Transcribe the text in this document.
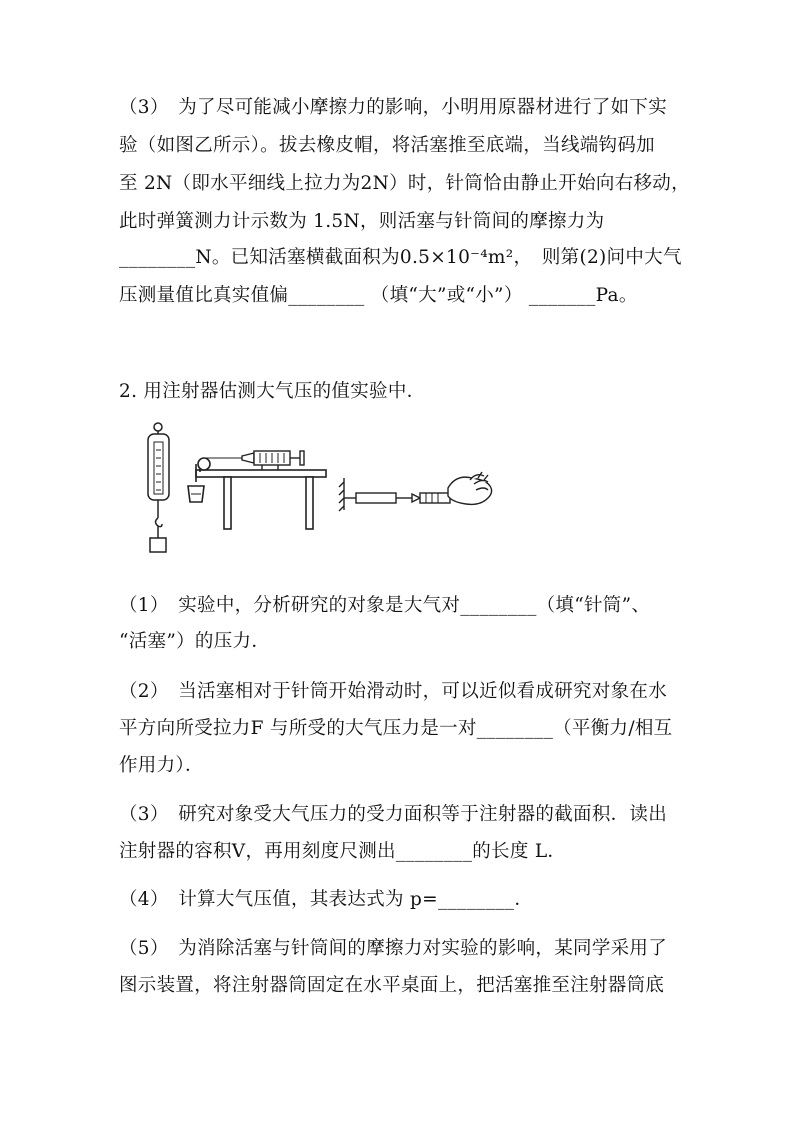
（3）　为了尽可能减小摩擦力的影响，小明用原器材进行了如下实
验（如图乙所示）。拔去橡皮帽，将活塞推至底端，当线端钩码加
至 2N（即水平细线上拉力为2N）时，针筒恰由静止开始向右移动，
此时弹簧测力计示数为 1.5N，则活塞与针筒间的摩擦力为
________N。已知活塞横截面积为0.5×10⁻⁴m²，　则第(2)问中大气
压测量值比真实值偏________ （填“大”或“小”） _______Pa。
2. 用注射器估测大气压的值实验中．
（1）　实验中，分析研究的对象是大气对________（填“针筒”、
“活塞”）的压力．
（2）　当活塞相对于针筒开始滑动时，可以近似看成研究对象在水
平方向所受拉力F 与所受的大气压力是一对________（平衡力/相互
作用力）．
（3）　研究对象受大气压力的受力面积等于注射器的截面积．读出
注射器的容积V，再用刻度尺测出________的长度 L．
（4）　计算大气压值，其表达式为 p=________．
（5）　为消除活塞与针筒间的摩擦力对实验的影响，某同学采用了
图示装置，将注射器筒固定在水平桌面上，把活塞推至注射器筒底
